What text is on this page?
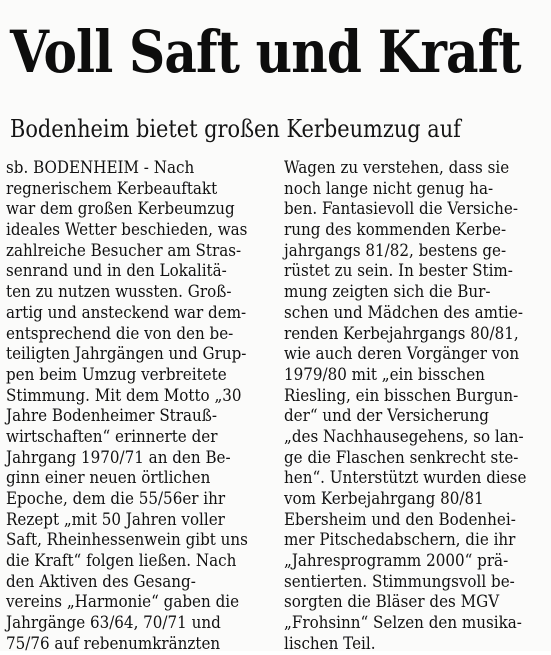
Voll Saft und Kraft
Bodenheim bietet großen Kerbeumzug auf
sb. BODENHEIM - Nach
regnerischem Kerbeauftakt
war dem großen Kerbeumzug
ideales Wetter beschieden, was
zahlreiche Besucher am Stras-
senrand und in den Lokalitä-
ten zu nutzen wussten. Groß-
artig und ansteckend war dem-
entsprechend die von den be-
teiligten Jahrgängen und Grup-
pen beim Umzug verbreitete
Stimmung. Mit dem Motto „30
Jahre Bodenheimer Strauß-
wirtschaften“ erinnerte der
Jahrgang 1970/71 an den Be-
ginn einer neuen örtlichen
Epoche, dem die 55/56er ihr
Rezept „mit 50 Jahren voller
Saft, Rheinhessenwein gibt uns
die Kraft“ folgen ließen. Nach
den Aktiven des Gesang-
vereins „Harmonie“ gaben die
Jahrgänge 63/64, 70/71 und
75/76 auf rebenumkränzten
Wagen zu verstehen, dass sie
noch lange nicht genug ha-
ben. Fantasievoll die Versiche-
rung des kommenden Kerbe-
jahrgangs 81/82, bestens ge-
rüstet zu sein. In bester Stim-
mung zeigten sich die Bur-
schen und Mädchen des amtie-
renden Kerbejahrgangs 80/81,
wie auch deren Vorgänger von
1979/80 mit „ein bisschen
Riesling, ein bisschen Burgun-
der“ und der Versicherung
„des Nachhausegehens, so lan-
ge die Flaschen senkrecht ste-
hen“. Unterstützt wurden diese
vom Kerbejahrgang 80/81
Ebersheim und den Bodenhei-
mer Pitschedabschern, die ihr
„Jahresprogramm 2000“ prä-
sentierten. Stimmungsvoll be-
sorgten die Bläser des MGV
„Frohsinn“ Selzen den musika-
lischen Teil.
